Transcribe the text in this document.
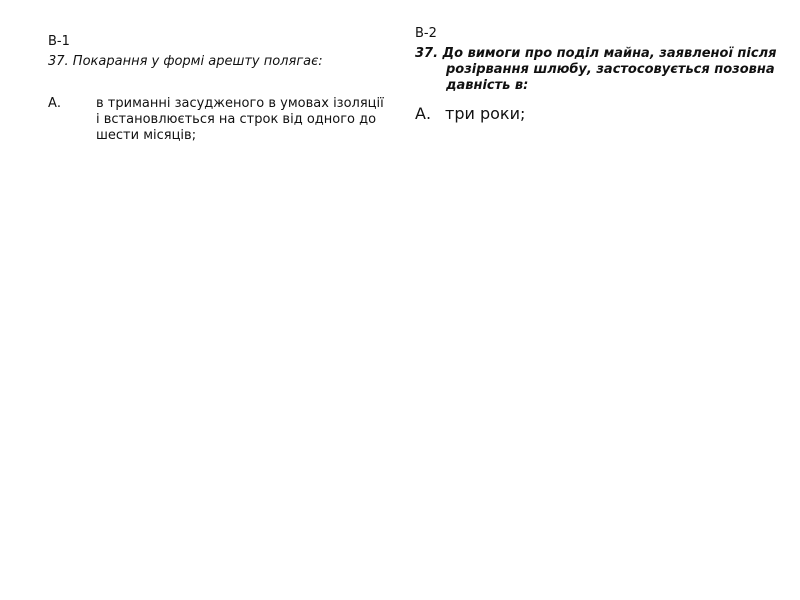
В-1
37. Покарання у формі арешту полягає:
А.	в триманні засудженого в умовах ізоляції і встановлюється на строк від одного до шести місяців;
В-2
37. До вимоги про поділ майна, заявленої після розірвання шлюбу, застосовується позовна давність в:
А. три роки;
